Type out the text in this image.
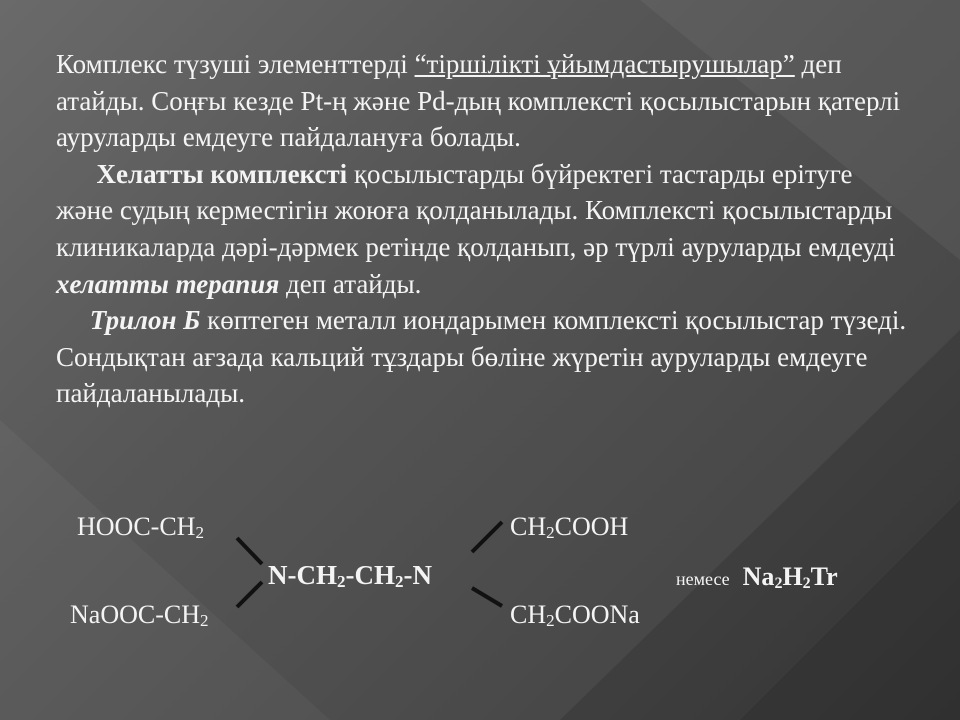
Комплекс түзуші элементтерді “тіршілікті ұйымдастырушылар” деп атайды. Соңғы кезде Pt-ң және Pd-дың комплексті қосылыстарын қатерлі ауруларды емдеуге пайдалануға болады.

Хелатты комплексті қосылыстарды бүйректегі тастарды ерітуге және судың керместігін жоюға қолданылады. Комплексті қосылыстарды клиникаларда дәрі-дәрмек ретінде қолданып, әр түрлі ауруларды емдеуді хелатты терапия деп атайды.

Трилон Б көптеген металл иондарымен комплексті қосылыстар түзеді. Сондықтан ағзада кальций тұздары бөліне жүретін ауруларды емдеуге пайдаланылады.

HOOC-$CH_2$	$CH_2COOH$
$N-CH_2-CH_2-N$	немесе $Na_2H_2Tr$
NaOOC-$CH_2$	$CH_2COONa$
